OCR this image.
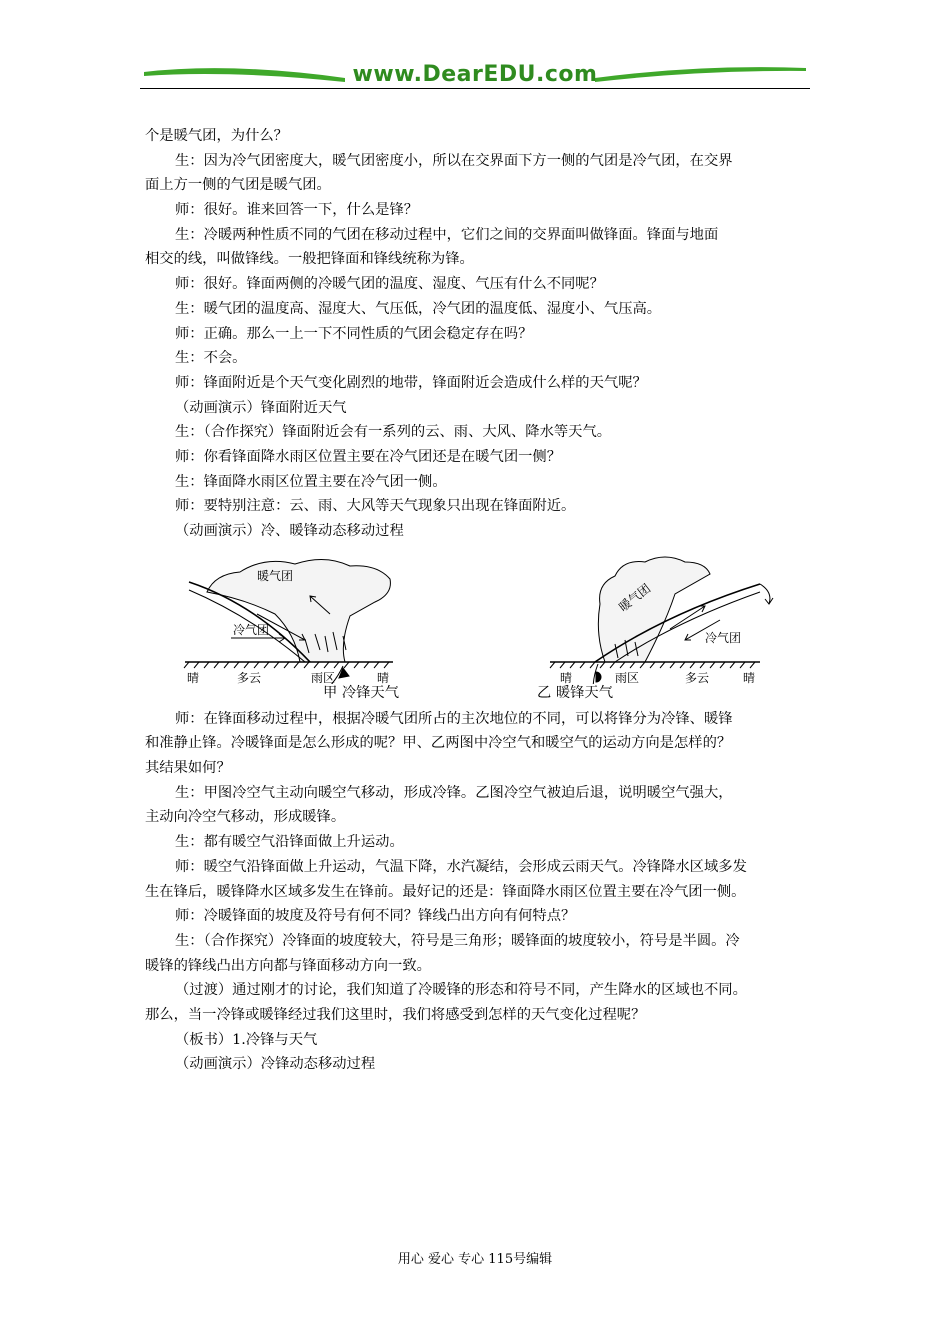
www.DearEDU.com
个是暖气团，为什么？
生：因为冷气团密度大，暖气团密度小，所以在交界面下方一侧的气团是冷气团，在交界
面上方一侧的气团是暖气团。
师：很好。谁来回答一下，什么是锋？
生：冷暖两种性质不同的气团在移动过程中，它们之间的交界面叫做锋面。锋面与地面
相交的线，叫做锋线。一般把锋面和锋线统称为锋。
师：很好。锋面两侧的冷暖气团的温度、湿度、气压有什么不同呢？
生：暖气团的温度高、湿度大、气压低，冷气团的温度低、湿度小、气压高。
师：正确。那么一上一下不同性质的气团会稳定存在吗？
生：不会。
师：锋面附近是个天气变化剧烈的地带，锋面附近会造成什么样的天气呢？
（动画演示）锋面附近天气
生：（合作探究）锋面附近会有一系列的云、雨、大风、降水等天气。
师：你看锋面降水雨区位置主要在冷气团还是在暖气团一侧？
生：锋面降水雨区位置主要在冷气团一侧。
师：要特别注意：云、雨、大风等天气现象只出现在锋面附近。
（动画演示）冷、暖锋动态移动过程
暖气团
冷气团
晴	多云	雨区	晴
暖气团
冷气团
晴	雨区	多云	晴
甲 冷锋天气	乙 暖锋天气
师：在锋面移动过程中，根据冷暖气团所占的主次地位的不同，可以将锋分为冷锋、暖锋
和准静止锋。冷暖锋面是怎么形成的呢？甲、乙两图中冷空气和暖空气的运动方向是怎样的？
其结果如何？
生：甲图冷空气主动向暖空气移动，形成冷锋。乙图冷空气被迫后退，说明暖空气强大，
主动向冷空气移动，形成暖锋。
生：都有暖空气沿锋面做上升运动。
师：暖空气沿锋面做上升运动，气温下降，水汽凝结，会形成云雨天气。冷锋降水区域多发
生在锋后，暖锋降水区域多发生在锋前。最好记的还是：锋面降水雨区位置主要在冷气团一侧。
师：冷暖锋面的坡度及符号有何不同？锋线凸出方向有何特点？
生：（合作探究）冷锋面的坡度较大，符号是三角形；暖锋面的坡度较小，符号是半圆。冷
暖锋的锋线凸出方向都与锋面移动方向一致。
（过渡）通过刚才的讨论，我们知道了冷暖锋的形态和符号不同，产生降水的区域也不同。
那么，当一冷锋或暖锋经过我们这里时，我们将感受到怎样的天气变化过程呢？
（板书）1.冷锋与天气
（动画演示）冷锋动态移动过程
用心 爱心 专心 115号编辑
